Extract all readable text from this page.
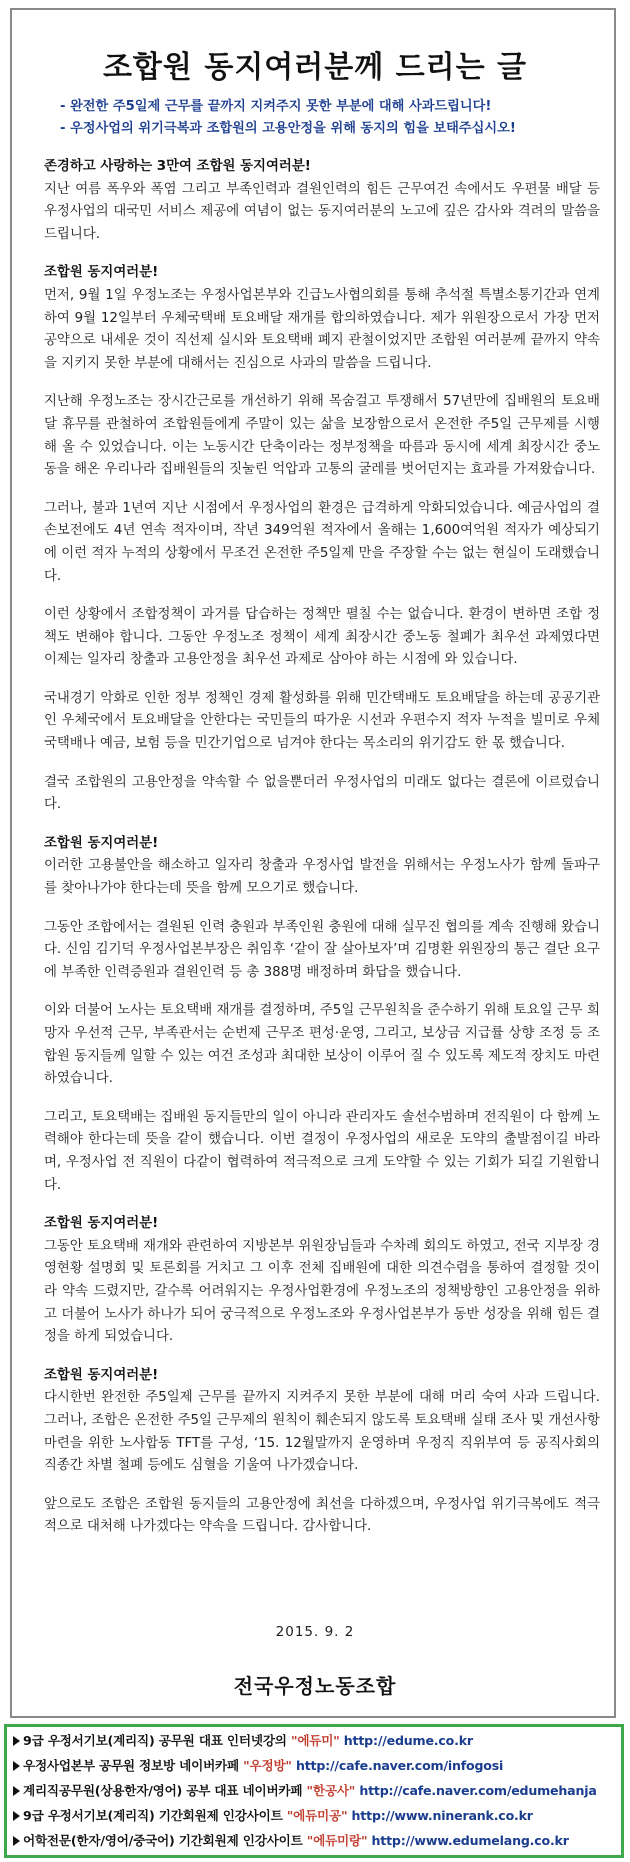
조합원 동지여러분께 드리는 글
- 완전한 주5일제 근무를 끝까지 지켜주지 못한 부분에 대해 사과드립니다!
- 우정사업의 위기극복과 조합원의 고용안정을 위해 동지의 힘을 보태주십시오!
존경하고 사랑하는 3만여 조합원 동지여러분!
지난 여름 폭우와 폭염 그리고 부족인력과 결원인력의 힘든 근무여건 속에서도 우편물 배달 등 우정사업의 대국민 서비스 제공에 여념이 없는 동지여러분의 노고에 깊은 감사와 격려의 말씀을 드립니다.
조합원 동지여러분!
먼저, 9월 1일 우정노조는 우정사업본부와 긴급노사협의회를 통해 추석절 특별소통기간과 연계하여 9월 12일부터 우체국택배 토요배달 재개를 합의하였습니다. 제가 위원장으로서 가장 먼저 공약으로 내세운 것이 직선제 실시와 토요택배 폐지 관철이었지만 조합원 여러분께 끝까지 약속을 지키지 못한 부분에 대해서는 진심으로 사과의 말씀을 드립니다.
지난해 우정노조는 장시간근로를 개선하기 위해 목숨걸고 투쟁해서 57년만에 집배원의 토요배달 휴무를 관철하여 조합원들에게 주말이 있는 삶을 보장함으로서 온전한 주5일 근무제를 시행해 올 수 있었습니다. 이는 노동시간 단축이라는 정부정책을 따름과 동시에 세계 최장시간 중노동을 해온 우리나라 집배원들의 짓눌린 억압과 고통의 굴레를 벗어던지는 효과를 가져왔습니다.
그러나, 불과 1년여 지난 시점에서 우정사업의 환경은 급격하게 악화되었습니다. 예금사업의 결손보전에도 4년 연속 적자이며, 작년 349억원 적자에서 올해는 1,600여억원 적자가 예상되기에 이런 적자 누적의 상황에서 무조건 온전한 주5일제 만을 주장할 수는 없는 현실이 도래했습니다.
이런 상황에서 조합정책이 과거를 답습하는 정책만 펼칠 수는 없습니다. 환경이 변하면 조합 정책도 변해야 합니다. 그동안 우정노조 정책이 세계 최장시간 중노동 철폐가 최우선 과제였다면 이제는 일자리 창출과 고용안정을 최우선 과제로 삼아야 하는 시점에 와 있습니다.
국내경기 악화로 인한 정부 정책인 경제 활성화를 위해 민간택배도 토요배달을 하는데 공공기관인 우체국에서 토요배달을 안한다는 국민들의 따가운 시선과 우편수지 적자 누적을 빌미로 우체국택배나 예금, 보험 등을 민간기업으로 넘겨야 한다는 목소리의 위기감도 한 몫 했습니다.
결국 조합원의 고용안정을 약속할 수 없을뿐더러 우정사업의 미래도 없다는 결론에 이르렀습니다.
조합원 동지여러분!
이러한 고용불안을 해소하고 일자리 창출과 우정사업 발전을 위해서는 우정노사가 함께 돌파구를 찾아나가야 한다는데 뜻을 함께 모으기로 했습니다.
그동안 조합에서는 결원된 인력 충원과 부족인원 충원에 대해 실무진 협의를 계속 진행해 왔습니다. 신임 김기덕 우정사업본부장은 취임후 ‘같이 잘 살아보자’며 김명환 위원장의 통근 결단 요구에 부족한 인력증원과 결원인력 등 총 388명 배정하며 화답을 했습니다.
이와 더불어 노사는 토요택배 재개를 결정하며, 주5일 근무원칙을 준수하기 위해 토요일 근무 희망자 우선적 근무, 부족관서는 순번제 근무조 편성·운영, 그리고, 보상금 지급률 상향 조정 등 조합원 동지들께 일할 수 있는 여건 조성과 최대한 보상이 이루어 질 수 있도록 제도적 장치도 마련하였습니다.
그리고, 토요택배는 집배원 동지들만의 일이 아니라 관리자도 솔선수범하며 전직원이 다 함께 노력해야 한다는데 뜻을 같이 했습니다. 이번 결정이 우정사업의 새로운 도약의 출발점이길 바라며, 우정사업 전 직원이 다같이 협력하여 적극적으로 크게 도약할 수 있는 기회가 되길 기원합니다.
조합원 동지여러분!
그동안 토요택배 재개와 관련하여 지방본부 위원장님들과 수차례 회의도 하였고, 전국 지부장 경영현황 설명회 및 토론회를 거치고 그 이후 전체 집배원에 대한 의견수렴을 통하여 결정할 것이라 약속 드렸지만, 갈수록 어려워지는 우정사업환경에 우정노조의 정책방향인 고용안정을 위하고 더불어 노사가 하나가 되어 궁극적으로 우정노조와 우정사업본부가 동반 성장을 위해 힘든 결정을 하게 되었습니다.
조합원 동지여러분!
다시한번 완전한 주5일제 근무를 끝까지 지켜주지 못한 부분에 대해 머리 숙여 사과 드립니다. 그러나, 조합은 온전한 주5일 근무제의 원칙이 훼손되지 않도록 토요택배 실태 조사 및 개선사항 마련을 위한 노사합동 TFT를 구성, ‘15. 12월말까지 운영하며 우정직 직위부여 등 공직사회의 직종간 차별 철폐 등에도 심혈을 기울여 나가겠습니다.
앞으로도 조합은 조합원 동지들의 고용안정에 최선을 다하겠으며, 우정사업 위기극복에도 적극적으로 대처해 나가겠다는 약속을 드립니다. 감사합니다.
2015. 9. 2
전국우정노동조합
9급 우정서기보(계리직) 공무원 대표 인터넷강의 "에듀미" http://edume.co.kr
우정사업본부 공무원 정보방 네이버카페 "우정방" http://cafe.naver.com/infogosi
계리직공무원(상용한자/영어) 공부 대표 네이버카페 "한공사" http://cafe.naver.com/edumehanja
9급 우정서기보(계리직) 기간회원제 인강사이트 "에듀미공" http://www.ninerank.co.kr
어학전문(한자/영어/중국어) 기간회원제 인강사이트 "에듀미랑" http://www.edumelang.co.kr
